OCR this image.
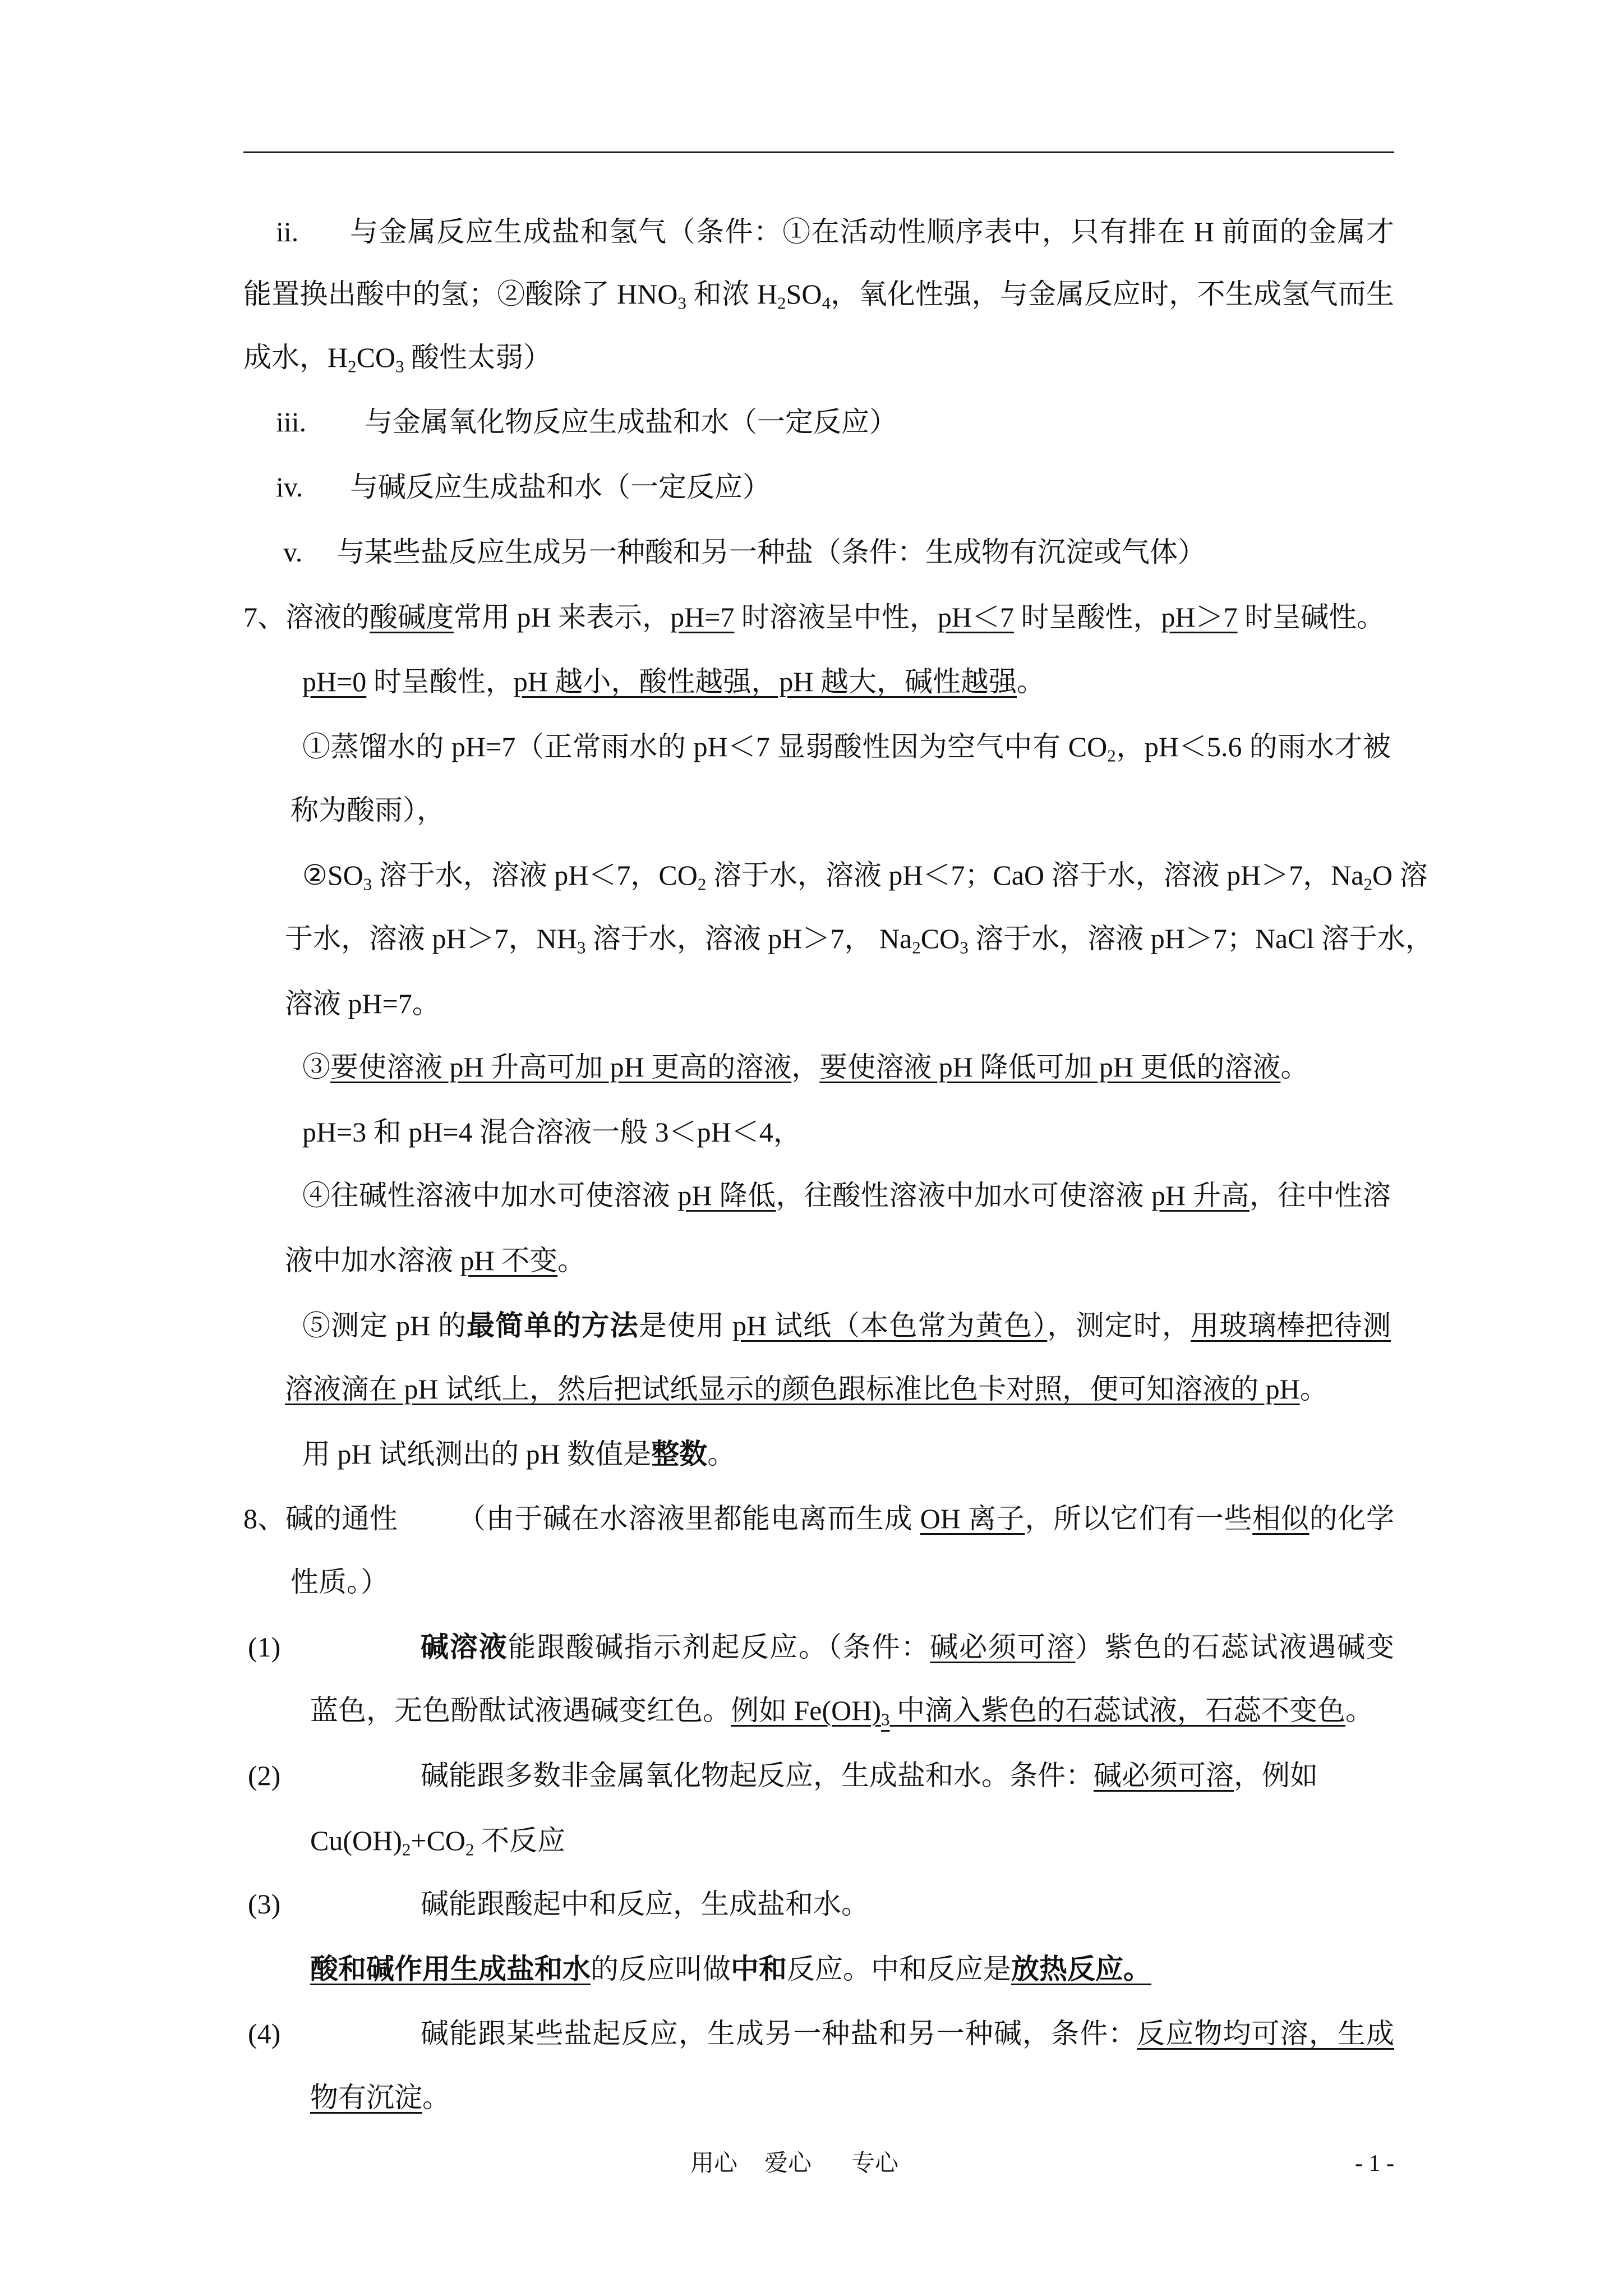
ii. 与金属反应生成盐和氢气（条件：①在活动性顺序表中，只有排在 H 前面的金属才
能置换出酸中的氢；②酸除了 $HNO_3$ 和浓 $H_2SO_4$，氧化性强，与金属反应时，不生成氢气而生
成水，$H_2CO_3$ 酸性太弱）
iii. 与金属氧化物反应生成盐和水（一定反应）
iv. 与碱反应生成盐和水（一定反应）
v. 与某些盐反应生成另一种酸和另一种盐（条件：生成物有沉淀或气体）
7、溶液的酸碱度常用 pH 来表示，pH=7 时溶液呈中性，pH＜7 时呈酸性，pH＞7 时呈碱性。
pH=0 时呈酸性，pH 越小，酸性越强，pH 越大，碱性越强。
①蒸馏水的 pH=7（正常雨水的 pH＜7 显弱酸性因为空气中有 $CO_2$，pH＜5.6 的雨水才被
称为酸雨），
$②SO_3$ 溶于水，溶液 pH＜7，$CO_2$ 溶于水，溶液 pH＜7；CaO 溶于水，溶液 pH＞7，$Na_2O$ 溶
于水，溶液 pH＞7，$NH_3$ 溶于水，溶液 pH＞7， $Na_2CO_3$ 溶于水，溶液 pH＞7；NaCl 溶于水，
溶液 pH=7。
③要使溶液 pH 升高可加 pH 更高的溶液，要使溶液 pH 降低可加 pH 更低的溶液。
pH=3 和 pH=4 混合溶液一般 3＜pH＜4，
④往碱性溶液中加水可使溶液 pH 降低，往酸性溶液中加水可使溶液 pH 升高，往中性溶
液中加水溶液 pH 不变。
⑤测定 pH 的最简单的方法是使用 pH 试纸（本色常为黄色），测定时，用玻璃棒把待测
溶液滴在 pH 试纸上，然后把试纸显示的颜色跟标准比色卡对照，便可知溶液的 pH。
用 pH 试纸测出的 pH 数值是整数。
8、碱的通性 （由于碱在水溶液里都能电离而生成 OH 离子，所以它们有一些相似的化学
性质。）
(1)	碱溶液能跟酸碱指示剂起反应。（条件：碱必须可溶）紫色的石蕊试液遇碱变
蓝色，无色酚酞试液遇碱变红色。例如 $Fe(OH)_3$ 中滴入紫色的石蕊试液，石蕊不变色。
(2)	碱能跟多数非金属氧化物起反应，生成盐和水。条件：碱必须可溶，例如
$Cu(OH)_2+CO_2$ 不反应
(3)	碱能跟酸起中和反应，生成盐和水。
酸和碱作用生成盐和水的反应叫做中和反应。中和反应是放热反应。
(4)	碱能跟某些盐起反应，生成另一种盐和另一种碱，条件：反应物均可溶，生成
物有沉淀。
用心 爱心 专心	- 1 -
